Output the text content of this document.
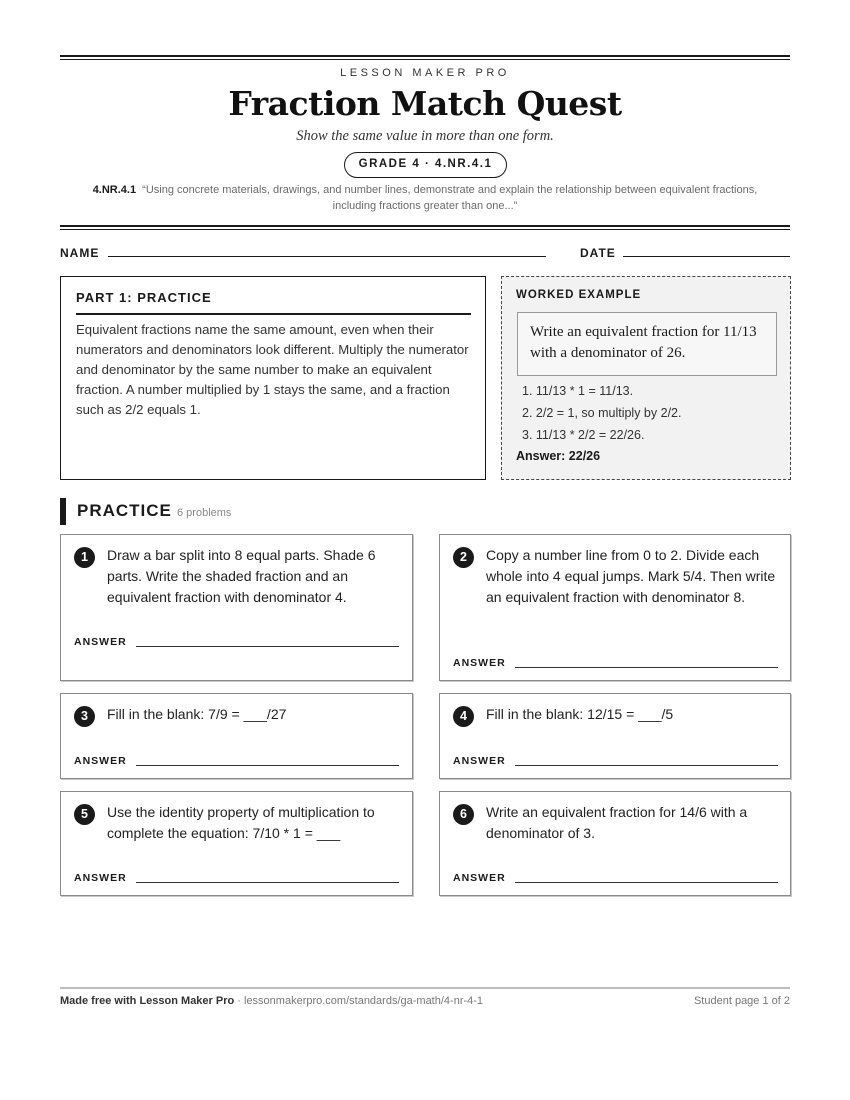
LESSON MAKER PRO
Fraction Match Quest
Show the same value in more than one form.
GRADE 4 · 4.NR.4.1
4.NR.4.1 “Using concrete materials, drawings, and number lines, demonstrate and explain the relationship between equivalent fractions, including fractions greater than one...”
NAME	DATE
PART 1: PRACTICE
Equivalent fractions name the same amount, even when their numerators and denominators look different. Multiply the numerator and denominator by the same number to make an equivalent fraction. A number multiplied by 1 stays the same, and a fraction such as 2/2 equals 1.
WORKED EXAMPLE
Write an equivalent fraction for 11/13 with a denominator of 26.
1. 11/13 * 1 = 11/13.
2. 2/2 = 1, so multiply by 2/2.
3. 11/13 * 2/2 = 22/26.
Answer: 22/26
PRACTICE 6 problems
1	Draw a bar split into 8 equal parts. Shade 6 parts. Write the shaded fraction and an equivalent fraction with denominator 4.
ANSWER
2	Copy a number line from 0 to 2. Divide each whole into 4 equal jumps. Mark 5/4. Then write an equivalent fraction with denominator 8.
ANSWER
3	Fill in the blank: 7/9 = ___/27
ANSWER
4	Fill in the blank: 12/15 = ___/5
ANSWER
5	Use the identity property of multiplication to complete the equation: 7/10 * 1 = ___
ANSWER
6	Write an equivalent fraction for 14/6 with a denominator of 3.
ANSWER
Made free with Lesson Maker Pro · lessonmakerpro.com/standards/ga-math/4-nr-4-1	Student page 1 of 2
